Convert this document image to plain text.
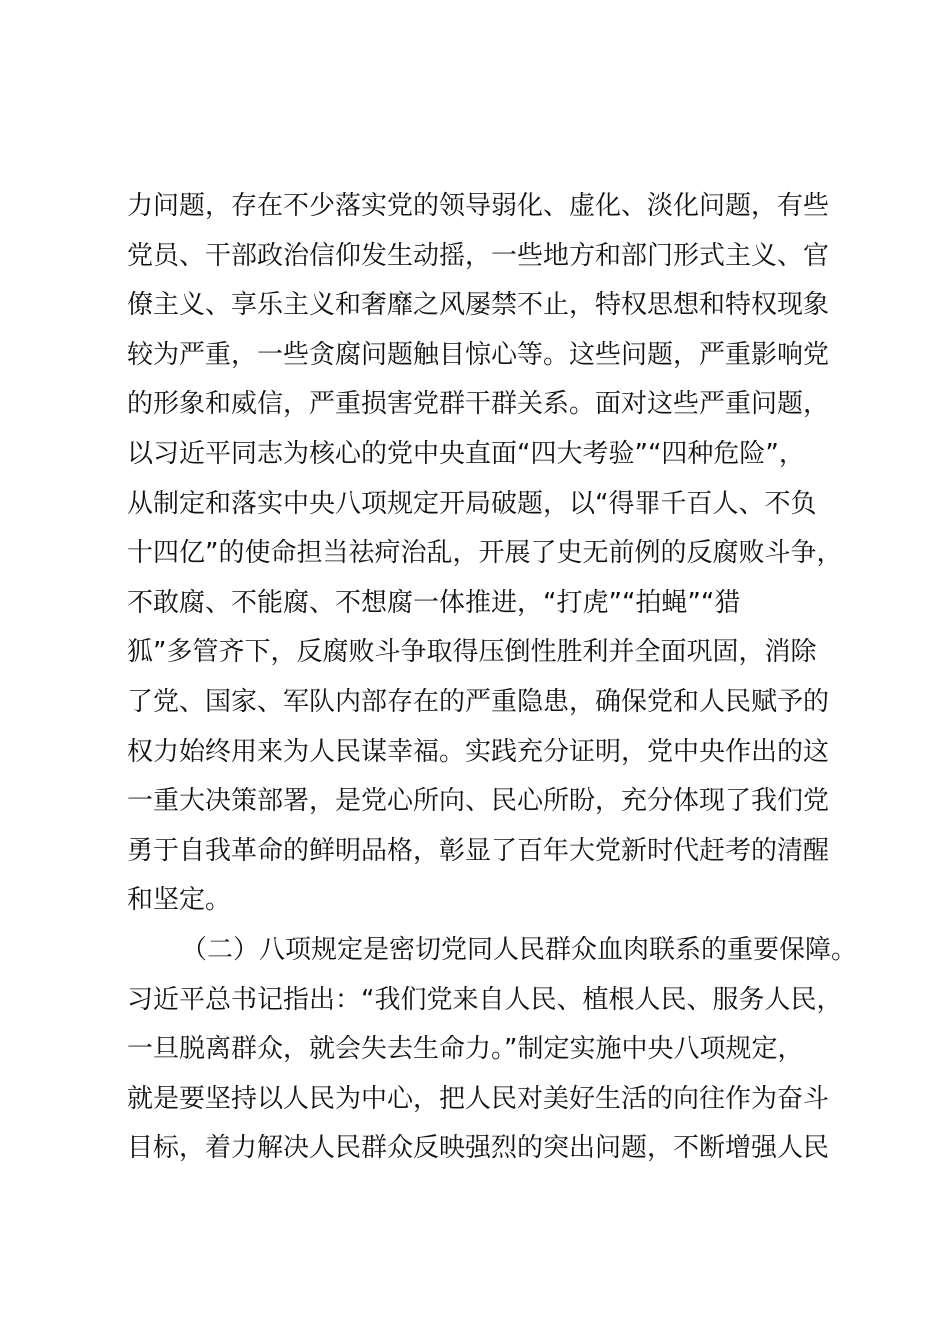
力问题，存在不少落实党的领导弱化、虚化、淡化问题，有些
党员、干部政治信仰发生动摇，一些地方和部门形式主义、官
僚主义、享乐主义和奢靡之风屡禁不止，特权思想和特权现象
较为严重，一些贪腐问题触目惊心等。这些问题，严重影响党
的形象和威信，严重损害党群干群关系。面对这些严重问题，
以习近平同志为核心的党中央直面“四大考验”“四种危险”，
从制定和落实中央八项规定开局破题，以“得罪千百人、不负
十四亿”的使命担当祛疴治乱，开展了史无前例的反腐败斗争，
不敢腐、不能腐、不想腐一体推进，“打虎”“拍蝇”“猎
狐”多管齐下，反腐败斗争取得压倒性胜利并全面巩固，消除
了党、国家、军队内部存在的严重隐患，确保党和人民赋予的
权力始终用来为人民谋幸福。实践充分证明，党中央作出的这
一重大决策部署，是党心所向、民心所盼，充分体现了我们党
勇于自我革命的鲜明品格，彰显了百年大党新时代赶考的清醒
和坚定。
（二）八项规定是密切党同人民群众血肉联系的重要保障。
习近平总书记指出：“我们党来自人民、植根人民、服务人民，
一旦脱离群众，就会失去生命力。”制定实施中央八项规定，
就是要坚持以人民为中心，把人民对美好生活的向往作为奋斗
目标，着力解决人民群众反映强烈的突出问题，不断增强人民
